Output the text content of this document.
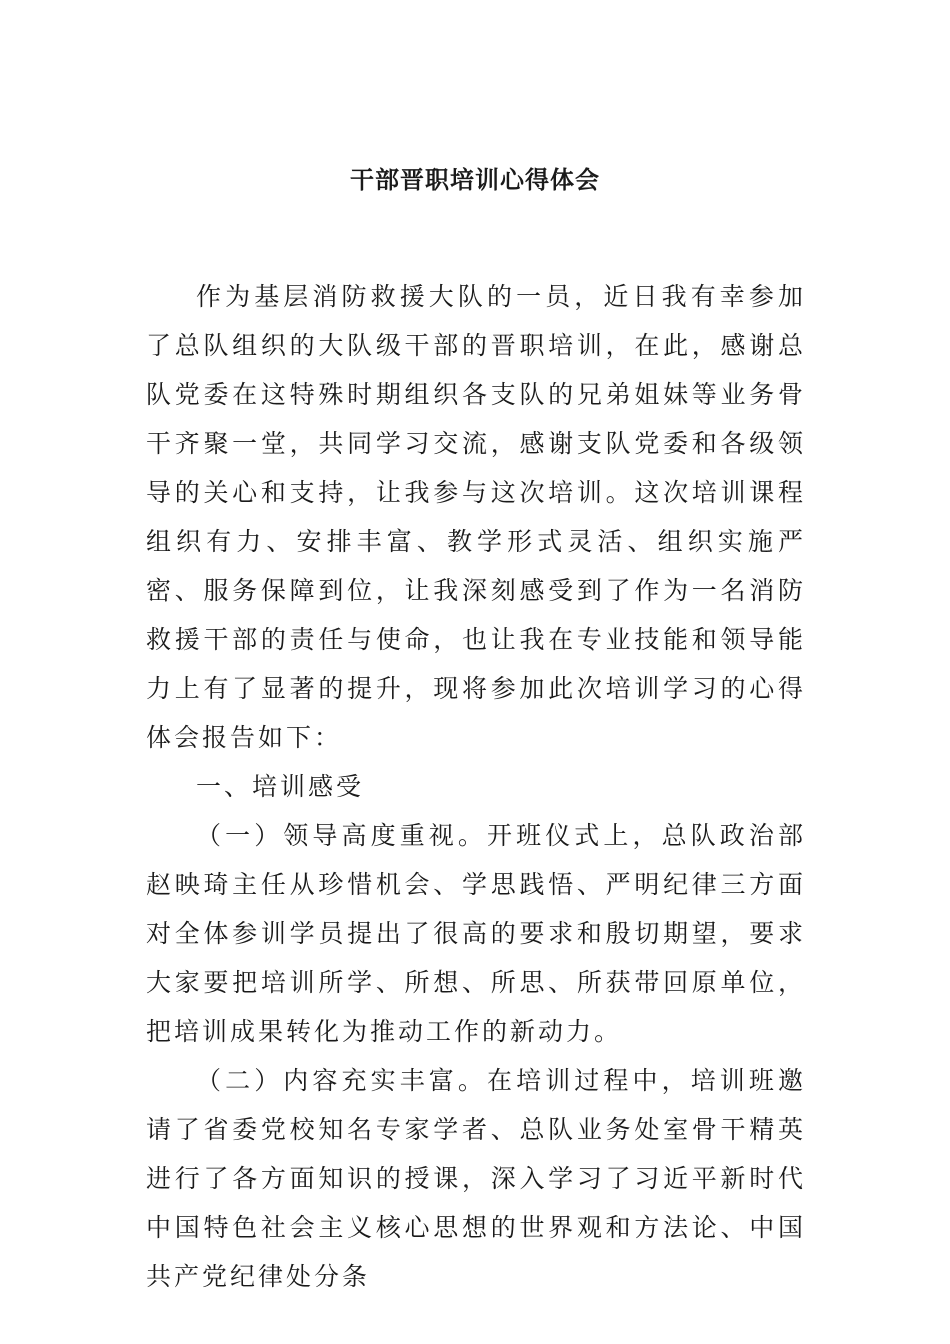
干部晋职培训心得体会

作为基层消防救援大队的一员，近日我有幸参加了总队组织的大队级干部的晋职培训，在此，感谢总队党委在这特殊时期组织各支队的兄弟姐妹等业务骨干齐聚一堂，共同学习交流，感谢支队党委和各级领导的关心和支持，让我参与这次培训。这次培训课程组织有力、安排丰富、教学形式灵活、组织实施严密、服务保障到位，让我深刻感受到了作为一名消防救援干部的责任与使命，也让我在专业技能和领导能力上有了显著的提升，现将参加此次培训学习的心得体会报告如下：

一、培训感受

（一）领导高度重视。开班仪式上，总队政治部赵映琦主任从珍惜机会、学思践悟、严明纪律三方面对全体参训学员提出了很高的要求和殷切期望，要求大家要把培训所学、所想、所思、所获带回原单位，把培训成果转化为推动工作的新动力。

（二）内容充实丰富。在培训过程中，培训班邀请了省委党校知名专家学者、总队业务处室骨干精英进行了各方面知识的授课，深入学习了习近平新时代中国特色社会主义核心思想的世界观和方法论、中国共产党纪律处分条
